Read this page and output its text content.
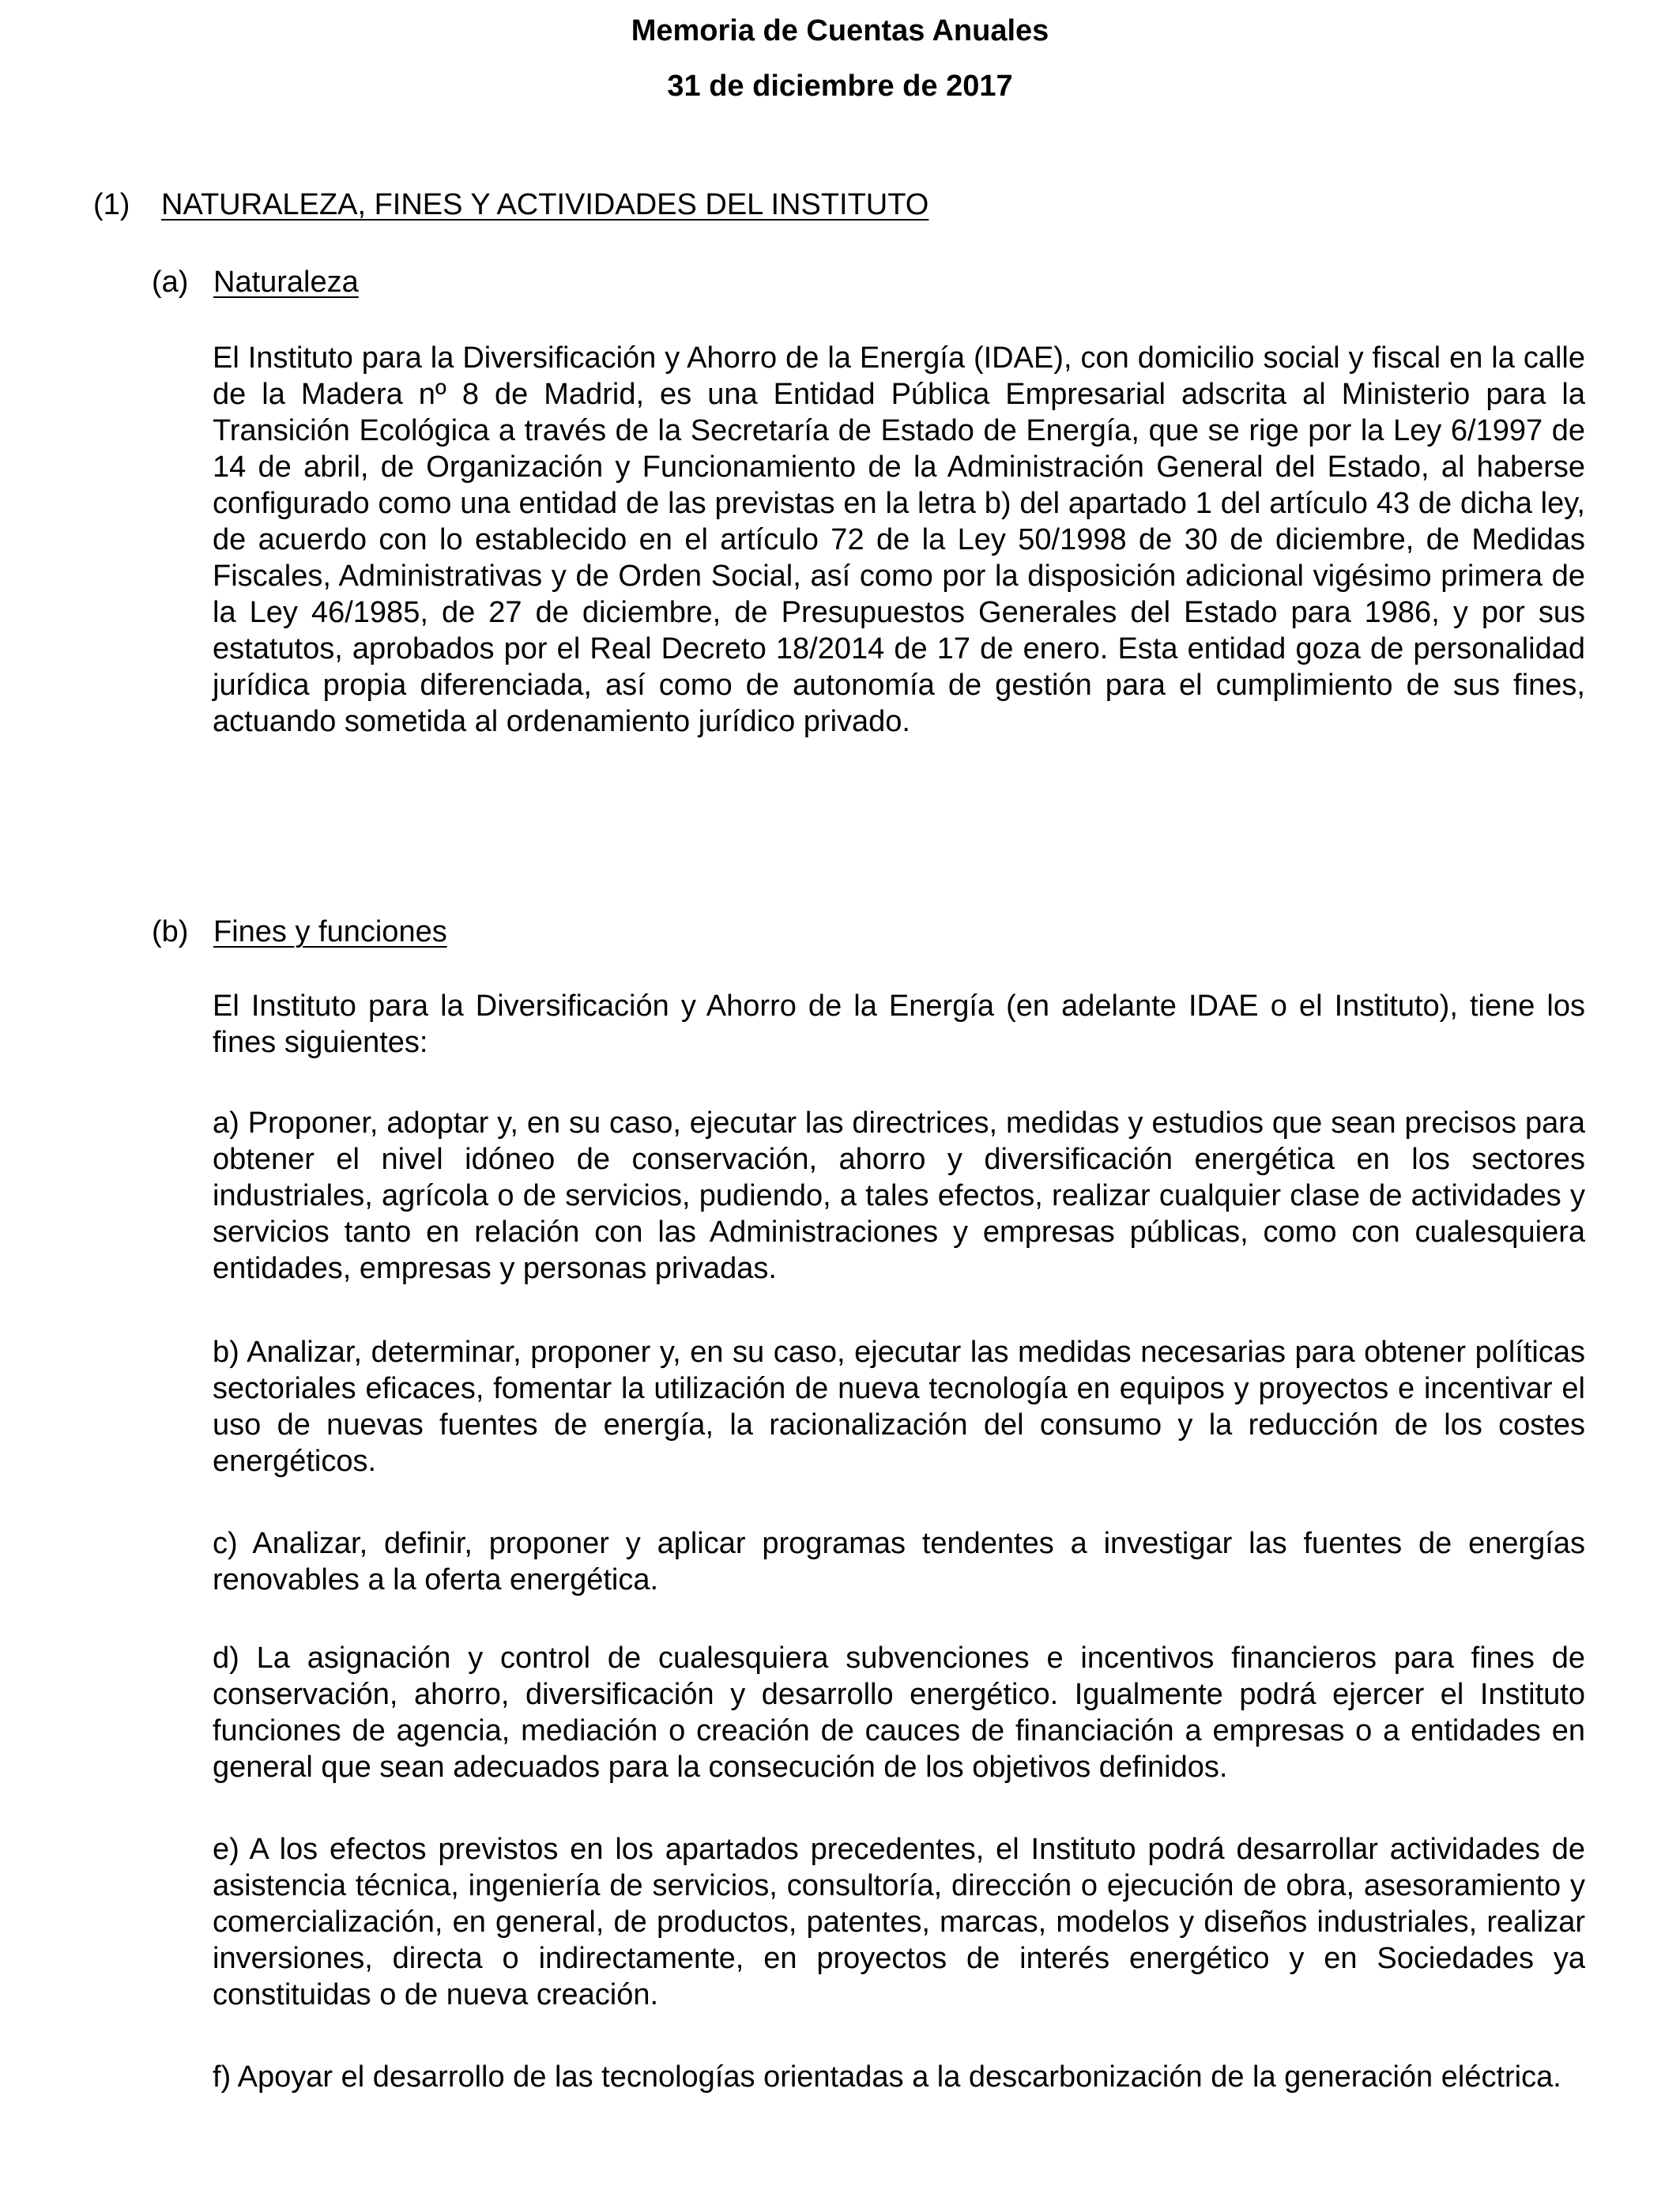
Memoria de Cuentas Anuales
31 de diciembre de 2017
(1) NATURALEZA, FINES Y ACTIVIDADES DEL INSTITUTO
(a) Naturaleza

El Instituto para la Diversificación y Ahorro de la Energía (IDAE), con domicilio social y fiscal en la calle de la Madera nº 8 de Madrid, es una Entidad Pública Empresarial adscrita al Ministerio para la Transición Ecológica a través de la Secretaría de Estado de Energía, que se rige por la Ley 6/1997 de 14 de abril, de Organización y Funcionamiento de la Administración General del Estado, al haberse configurado como una entidad de las previstas en la letra b) del apartado 1 del artículo 43 de dicha ley, de acuerdo con lo establecido en el artículo 72 de la Ley 50/1998 de 30 de diciembre, de Medidas Fiscales, Administrativas y de Orden Social, así como por la disposición adicional vigésimo primera de la Ley 46/1985, de 27 de diciembre, de Presupuestos Generales del Estado para 1986, y por sus estatutos, aprobados por el Real Decreto 18/2014 de 17 de enero. Esta entidad goza de personalidad jurídica propia diferenciada, así como de autonomía de gestión para el cumplimiento de sus fines, actuando sometida al ordenamiento jurídico privado.

(b) Fines y funciones

El Instituto para la Diversificación y Ahorro de la Energía (en adelante IDAE o el Instituto), tiene los fines siguientes:

a) Proponer, adoptar y, en su caso, ejecutar las directrices, medidas y estudios que sean precisos para obtener el nivel idóneo de conservación, ahorro y diversificación energética en los sectores industriales, agrícola o de servicios, pudiendo, a tales efectos, realizar cualquier clase de actividades y servicios tanto en relación con las Administraciones y empresas públicas, como con cualesquiera entidades, empresas y personas privadas.

b) Analizar, determinar, proponer y, en su caso, ejecutar las medidas necesarias para obtener políticas sectoriales eficaces, fomentar la utilización de nueva tecnología en equipos y proyectos e incentivar el uso de nuevas fuentes de energía, la racionalización del consumo y la reducción de los costes energéticos.

c) Analizar, definir, proponer y aplicar programas tendentes a investigar las fuentes de energías renovables a la oferta energética.

d) La asignación y control de cualesquiera subvenciones e incentivos financieros para fines de conservación, ahorro, diversificación y desarrollo energético. Igualmente podrá ejercer el Instituto funciones de agencia, mediación o creación de cauces de financiación a empresas o a entidades en general que sean adecuados para la consecución de los objetivos definidos.

e) A los efectos previstos en los apartados precedentes, el Instituto podrá desarrollar actividades de asistencia técnica, ingeniería de servicios, consultoría, dirección o ejecución de obra, asesoramiento y comercialización, en general, de productos, patentes, marcas, modelos y diseños industriales, realizar inversiones, directa o indirectamente, en proyectos de interés energético y en Sociedades ya constituidas o de nueva creación.

f) Apoyar el desarrollo de las tecnologías orientadas a la descarbonización de la generación eléctrica.
